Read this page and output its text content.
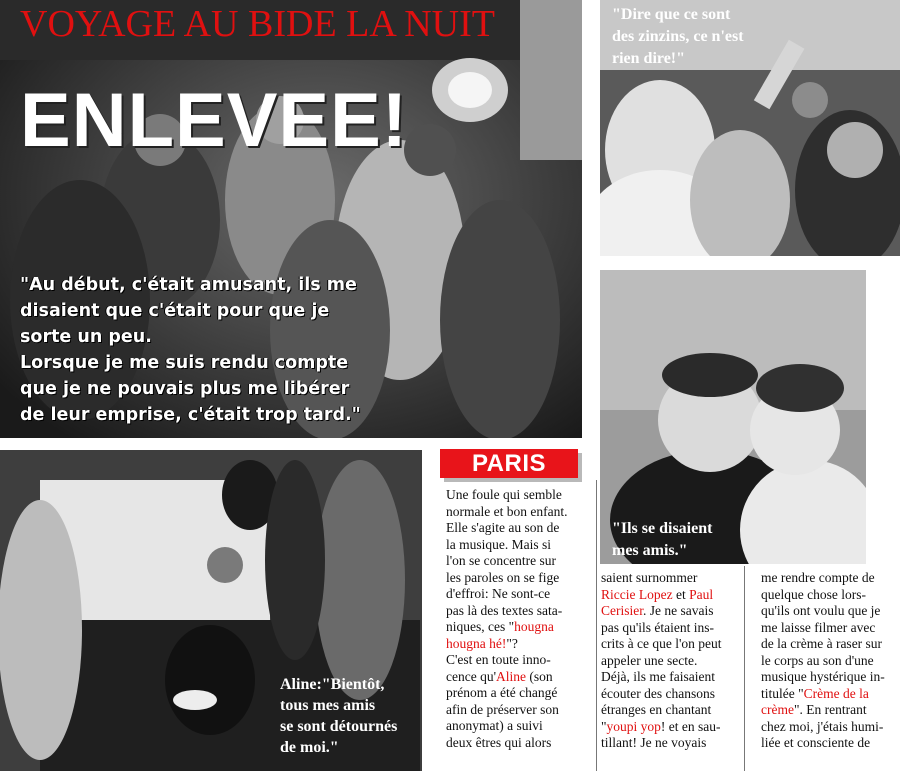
VOYAGE AU BIDE LA NUIT
ENLEVEE!
"Au début, c'était amusant, ils me
disaient que c'était pour que je
sorte un peu.
Lorsque je me suis rendu compte
que je ne pouvais plus me libérer
de leur emprise, c'était trop tard."
"Dire que ce sont
des zinzins, ce n'est
rien dire!"
"Ils se disaient
mes amis."
Aline:"Bientôt,
tous mes amis
se sont détournés
de moi."
PARIS
Une foule qui semble
normale et bon enfant.
Elle s'agite au son de
la musique. Mais si
l'on se concentre sur
les paroles on se fige
d'effroi: Ne sont-ce
pas là des textes sata-
niques, ces "hougna
hougna hé!"?
C'est en toute inno-
cence qu'Aline (son
prénom a été changé
afin de préserver son
anonymat) a suivi
deux êtres qui alors
saient surnommer
Riccie Lopez et Paul
Cerisier. Je ne savais
pas qu'ils étaient ins-
crits à ce que l'on peut
appeler une secte.
Déjà, ils me faisaient
écouter des chansons
étranges en chantant
"youpi yop! et en sau-
tillant! Je ne voyais
me rendre compte de
quelque chose lors-
qu'ils ont voulu que je
me laisse filmer avec
de la crème à raser sur
le corps au son d'une
musique hystérique in-
titulée "Crème de la
crème". En rentrant
chez moi, j'étais humi-
liée et consciente de
